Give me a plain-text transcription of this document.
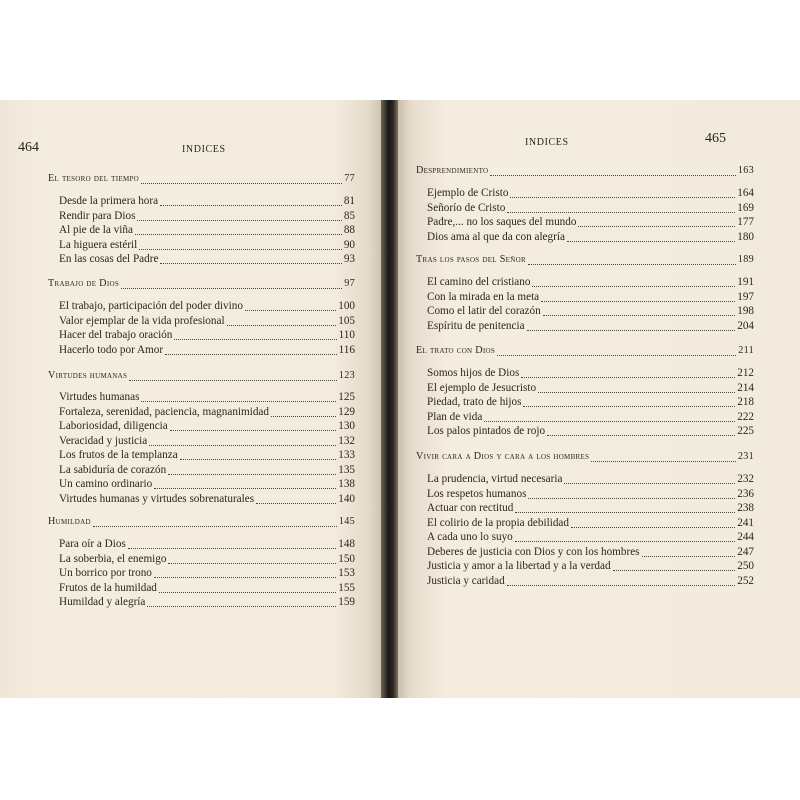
464	INDICES
El tesoro del tiempo	77
Desde la primera hora	81
Rendir para Dios	85
Al pie de la viña	88
La higuera estéril	90
En las cosas del Padre	93
Trabajo de Dios	97
El trabajo, participación del poder divino	100
Valor ejemplar de la vida profesional	105
Hacer del trabajo oración	110
Hacerlo todo por Amor	116
Virtudes humanas	123
Virtudes humanas	125
Fortaleza, serenidad, paciencia, magnanimidad	129
Laboriosidad, diligencia	130
Veracidad y justicia	132
Los frutos de la templanza	133
La sabiduría de corazón	135
Un camino ordinario	138
Virtudes humanas y virtudes sobrenaturales	140
Humildad	145
Para oír a Dios	148
La soberbia, el enemigo	150
Un borrico por trono	153
Frutos de la humildad	155
Humildad y alegría	159
INDICES	465
Desprendimiento	163
Ejemplo de Cristo	164
Señorío de Cristo	169
Padre,... no los saques del mundo	177
Dios ama al que da con alegría	180
Tras los pasos del Señor	189
El camino del cristiano	191
Con la mirada en la meta	197
Como el latir del corazón	198
Espíritu de penitencia	204
El trato con Dios	211
Somos hijos de Dios	212
El ejemplo de Jesucristo	214
Piedad, trato de hijos	218
Plan de vida	222
Los palos pintados de rojo	225
Vivir cara a Dios y cara a los hombres	231
La prudencia, virtud necesaria	232
Los respetos humanos	236
Actuar con rectitud	238
El colirio de la propia debilidad	241
A cada uno lo suyo	244
Deberes de justicia con Dios y con los hombres	247
Justicia y amor a la libertad y a la verdad	250
Justicia y caridad	252
